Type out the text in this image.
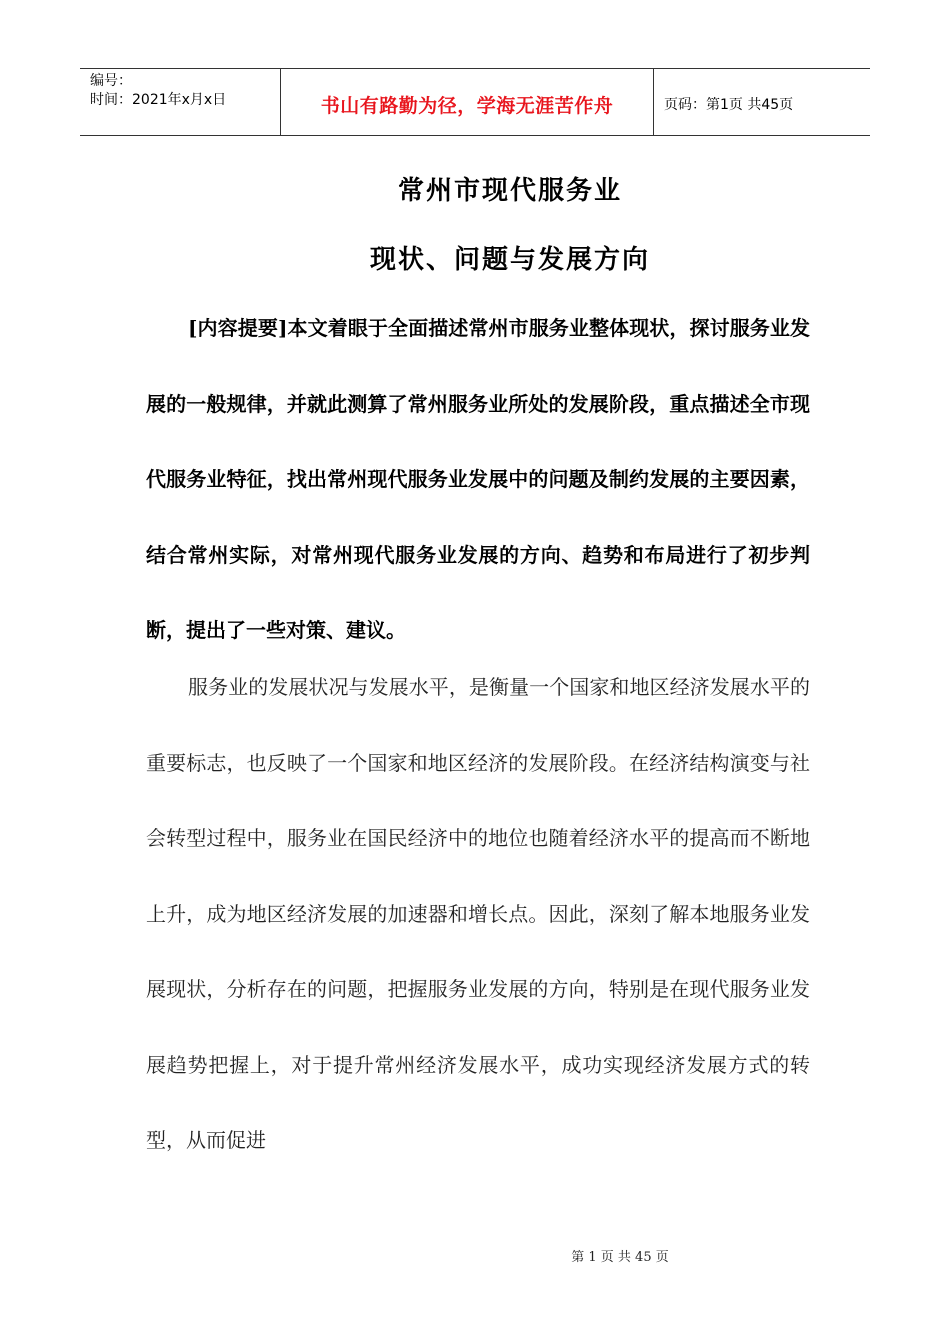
编号：
时间：2021年x月x日	书山有路勤为径，学海无涯苦作舟	页码：第1页 共45页
常州市现代服务业
现状、问题与发展方向

[内容提要]本文着眼于全面描述常州市服务业整体现状，探讨服务业发展的一般规律，并就此测算了常州服务业所处的发展阶段，重点描述全市现代服务业特征，找出常州现代服务业发展中的问题及制约发展的主要因素，结合常州实际，对常州现代服务业发展的方向、趋势和布局进行了初步判断，提出了一些对策、建议。

服务业的发展状况与发展水平，是衡量一个国家和地区经济发展水平的重要标志，也反映了一个国家和地区经济的发展阶段。在经济结构演变与社会转型过程中，服务业在国民经济中的地位也随着经济水平的提高而不断地上升，成为地区经济发展的加速器和增长点。因此，深刻了解本地服务业发展现状，分析存在的问题，把握服务业发展的方向，特别是在现代服务业发展趋势把握上，对于提升常州经济发展水平，成功实现经济发展方式的转型，从而促进

第 1 页 共 45 页
